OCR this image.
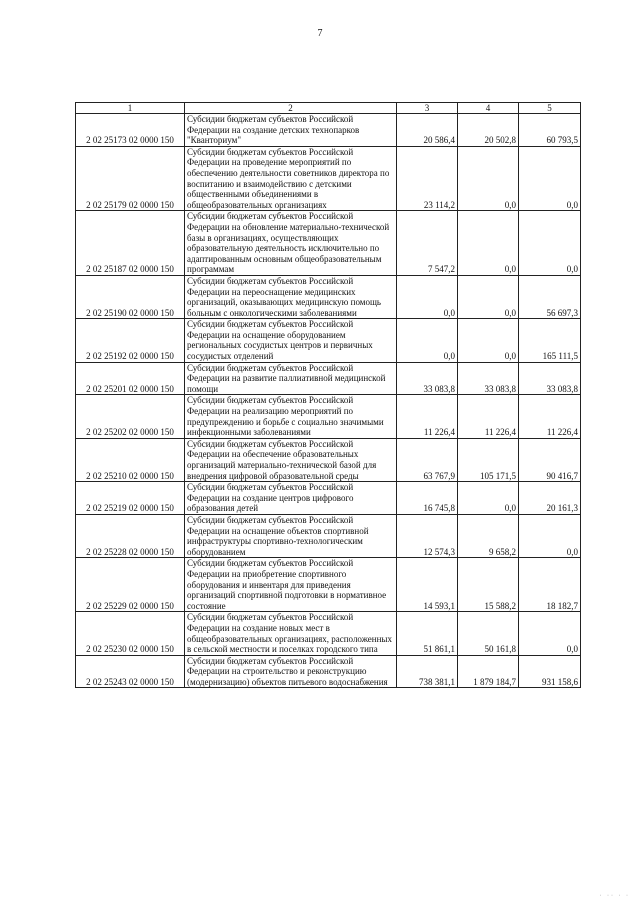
7
1	2	3	4	5
2 02 25173 02 0000 150	Субсидии бюджетам субъектов Российской Федерации на создание детских технопарков "Кванториум"	20 586,4	20 502,8	60 793,5
2 02 25179 02 0000 150	Субсидии бюджетам субъектов Российской Федерации на проведение мероприятий по обеспечению деятельности советников директора по воспитанию и взаимодействию с детскими общественными объединениями в общеобразовательных организациях	23 114,2	0,0	0,0
2 02 25187 02 0000 150	Субсидии бюджетам субъектов Российской Федерации на обновление материально-технической базы в организациях, осуществляющих образовательную деятельность исключительно по адаптированным основным общеобразовательным программам	7 547,2	0,0	0,0
2 02 25190 02 0000 150	Субсидии бюджетам субъектов Российской Федерации на переоснащение медицинских организаций, оказывающих медицинскую помощь больным с онкологическими заболеваниями	0,0	0,0	56 697,3
2 02 25192 02 0000 150	Субсидии бюджетам субъектов Российской Федерации на оснащение оборудованием региональных сосудистых центров и первичных сосудистых отделений	0,0	0,0	165 111,5
2 02 25201 02 0000 150	Субсидии бюджетам субъектов Российской Федерации на развитие паллиативной медицинской помощи	33 083,8	33 083,8	33 083,8
2 02 25202 02 0000 150	Субсидии бюджетам субъектов Российской Федерации на реализацию мероприятий по предупреждению и борьбе с социально значимыми инфекционными заболеваниями	11 226,4	11 226,4	11 226,4
2 02 25210 02 0000 150	Субсидии бюджетам субъектов Российской Федерации на обеспечение образовательных организаций материально-технической базой для внедрения цифровой образовательной среды	63 767,9	105 171,5	90 416,7
2 02 25219 02 0000 150	Субсидии бюджетам субъектов Российской Федерации на создание центров цифрового образования детей	16 745,8	0,0	20 161,3
2 02 25228 02 0000 150	Субсидии бюджетам субъектов Российской Федерации на оснащение объектов спортивной инфраструктуры спортивно-технологическим оборудованием	12 574,3	9 658,2	0,0
2 02 25229 02 0000 150	Субсидии бюджетам субъектов Российской Федерации на приобретение спортивного оборудования и инвентаря для приведения организаций спортивной подготовки в нормативное состояние	14 593,1	15 588,2	18 182,7
2 02 25230 02 0000 150	Субсидии бюджетам субъектов Российской Федерации на создание новых мест в общеобразовательных организациях, расположенных в сельской местности и поселках городского типа	51 861,1	50 161,8	0,0
2 02 25243 02 0000 150	Субсидии бюджетам субъектов Российской Федерации на строительство и реконструкцию (модернизацию) объектов питьевого водоснабжения	738 381,1	1 879 184,7	931 158,6
· ·· · ·
